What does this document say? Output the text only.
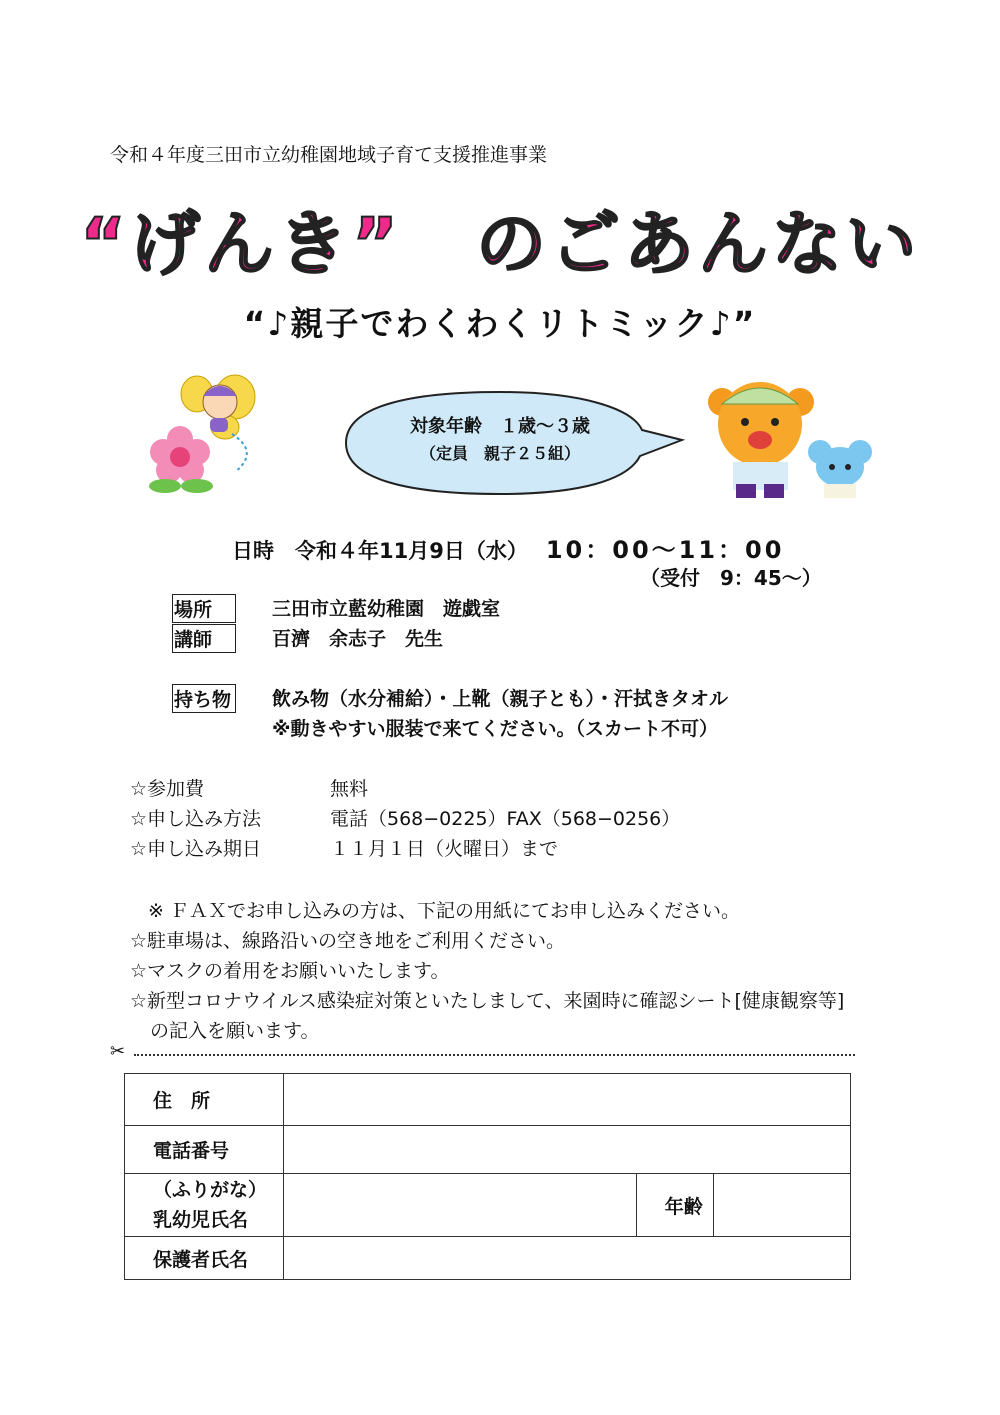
令和４年度三田市立幼稚園地域子育て支援推進事業
“げんき”　のごあんない
“♪親子でわくわくリトミック♪”
対象年齢　１歳～３歳
（定員　親子２５組）
日時　令和４年11月9日（水） 10：00～11：00
（受付　9：45～）
場所	三田市立藍幼稚園　遊戯室
講師	百濟　余志子　先生
持ち物 飲み物（水分補給）・上靴（親子とも）・汗拭きタオル
※動きやすい服装で来てください。（スカート不可）
☆参加費	無料
☆申し込み方法	電話（568−0225）FAX（568−0256）
☆申し込み期日	１１月１日（火曜日）まで
※ ＦＡＸでお申し込みの方は、下記の用紙にてお申し込みください。
☆駐車場は、線路沿いの空き地をご利用ください。
☆マスクの着用をお願いいたします。
☆新型コロナウイルス感染症対策といたしまして、来園時に確認シート[健康観察等]
の記入を願います。
✂
住　所			
電話番号			

（ふりがな）
乳幼児氏名		年齢	
保護者氏名			
